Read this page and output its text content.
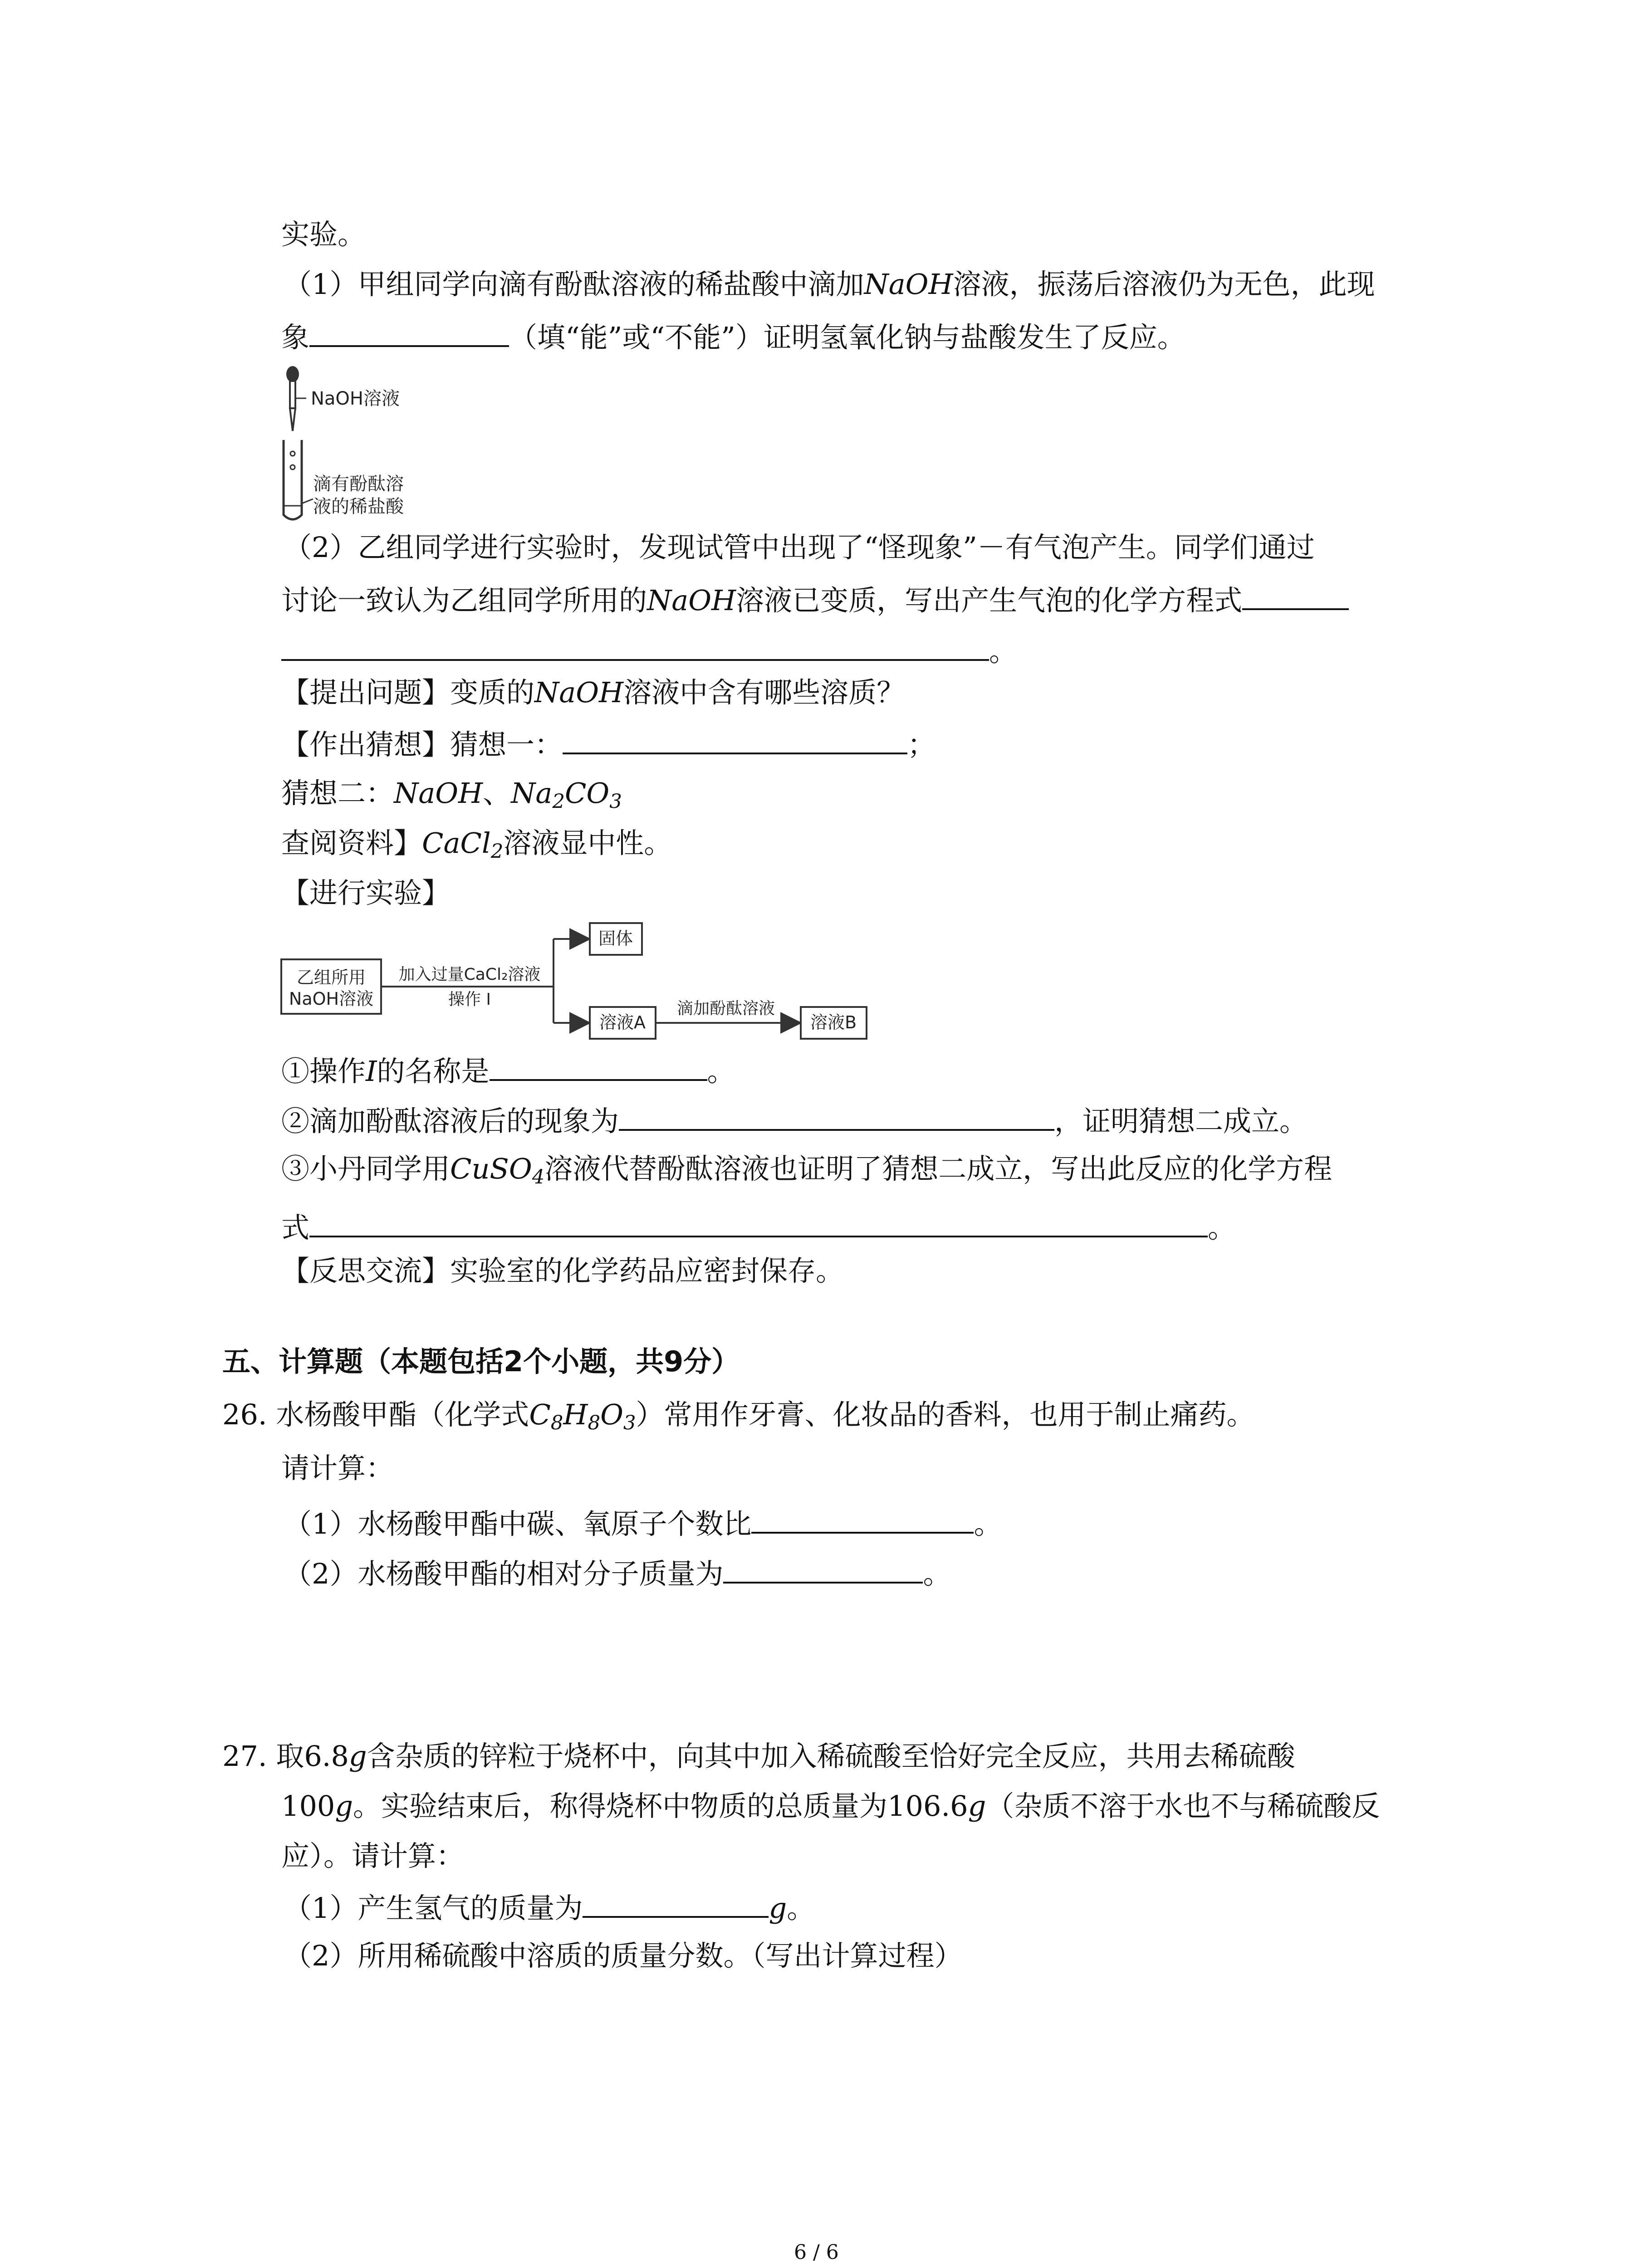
实验。
（1）甲组同学向滴有酚酞溶液的稀盐酸中滴加NaOH溶液，振荡后溶液仍为无色，此现
象	（填“能”或“不能”）证明氢氧化钠与盐酸发生了反应。
NaOH溶液
滴有酚酞溶
液的稀盐酸
（2）乙组同学进行实验时，发现试管中出现了“怪现象”－有气泡产生。同学们通过
讨论一致认为乙组同学所用的NaOH溶液已变质，写出产生气泡的化学方程式
。
【提出问题】变质的NaOH溶液中含有哪些溶质？
【作出猜想】猜想一：	；
猜想二：NaOH、$Na_2CO_3$
查阅资料】CaCl$_2$溶液显中性。
【进行实验】
乙组所用
NaOH溶液
加入过量CaCl₂溶液
操作 I
固体
溶液A
滴加酚酞溶液
溶液B
①操作I的名称是	。
②滴加酚酞溶液后的现象为	，证明猜想二成立。
③小丹同学用CuSO$_4$溶液代替酚酞溶液也证明了猜想二成立，写出此反应的化学方程
式	。
【反思交流】实验室的化学药品应密封保存。
五、计算题（本题包括2个小题，共9分）
26. 水杨酸甲酯（化学式$C_8H_8O_3$）常用作牙膏、化妆品的香料，也用于制止痛药。
请计算：
（1）水杨酸甲酯中碳、氧原子个数比	。
（2）水杨酸甲酯的相对分子质量为	。
27. 取6.8g含杂质的锌粒于烧杯中，向其中加入稀硫酸至恰好完全反应，共用去稀硫酸
100g。实验结束后，称得烧杯中物质的总质量为106.6g（杂质不溶于水也不与稀硫酸反
应）。请计算：
（1）产生氢气的质量为	g。
（2）所用稀硫酸中溶质的质量分数。（写出计算过程）
6 / 6
